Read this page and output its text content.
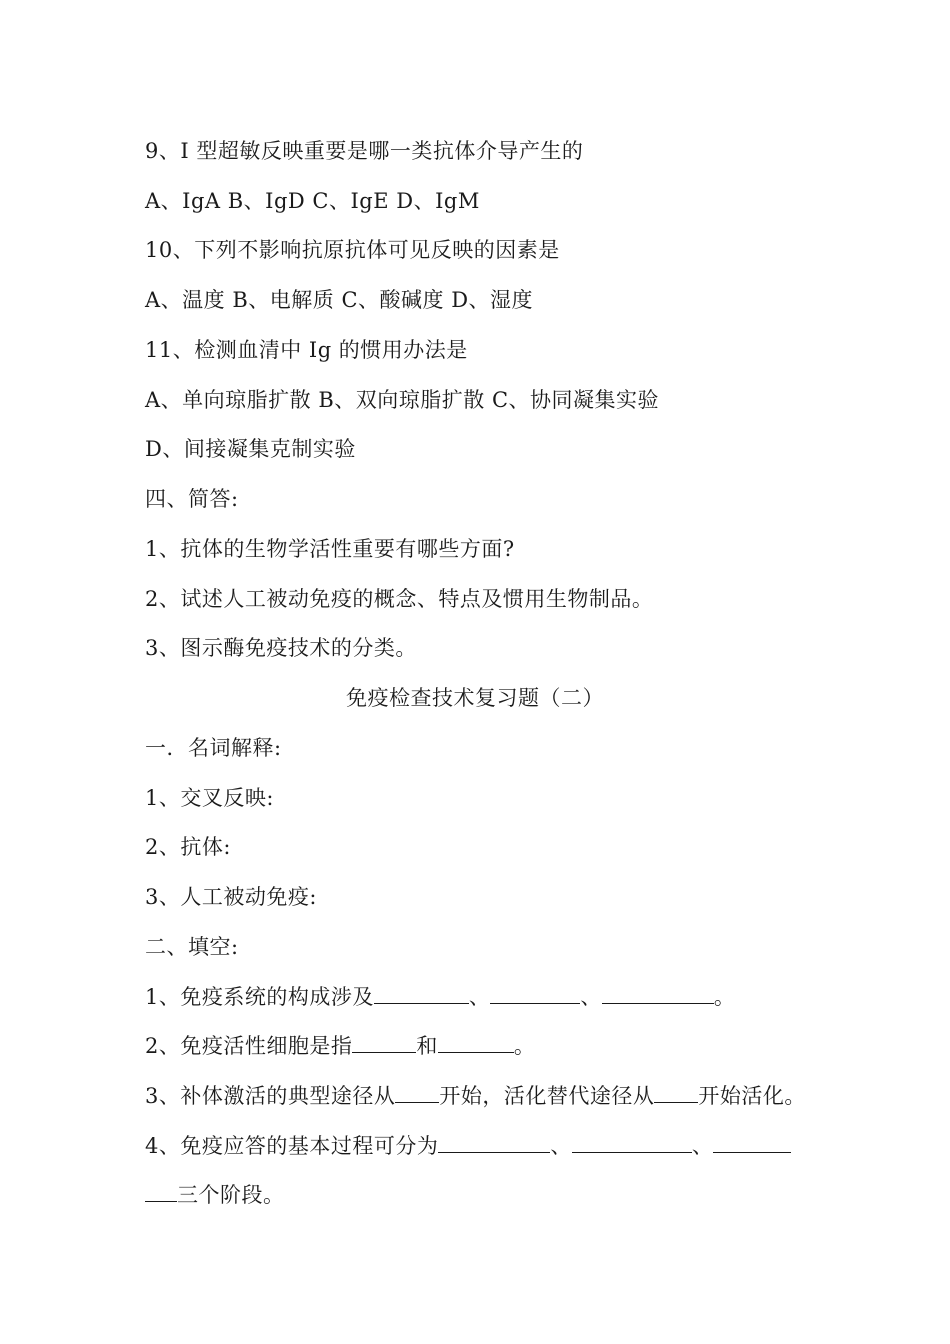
9、I 型超敏反映重要是哪一类抗体介导产生的
A、IgA B、IgD C、IgE D、IgM
10、下列不影响抗原抗体可见反映的因素是
A、温度 B、电解质 C、酸碱度 D、湿度
11、检测血清中 Ig 的惯用办法是
A、单向琼脂扩散 B、双向琼脂扩散 C、协同凝集实验
D、间接凝集克制实验
四、简答:
1、抗体的生物学活性重要有哪些方面?
2、试述人工被动免疫的概念、特点及惯用生物制品。
3、图示酶免疫技术的分类。
免疫检查技术复习题（二）
一．名词解释:
1、交叉反映:
2、抗体:
3、人工被动免疫:
二、填空:
1、免疫系统的构成涉及	、	、	。
2、免疫活性细胞是指	和	。
3、补体激活的典型途径从 开始，活化替代途径从 开始活化。
4、免疫应答的基本过程可分为	、	、
三个阶段。
